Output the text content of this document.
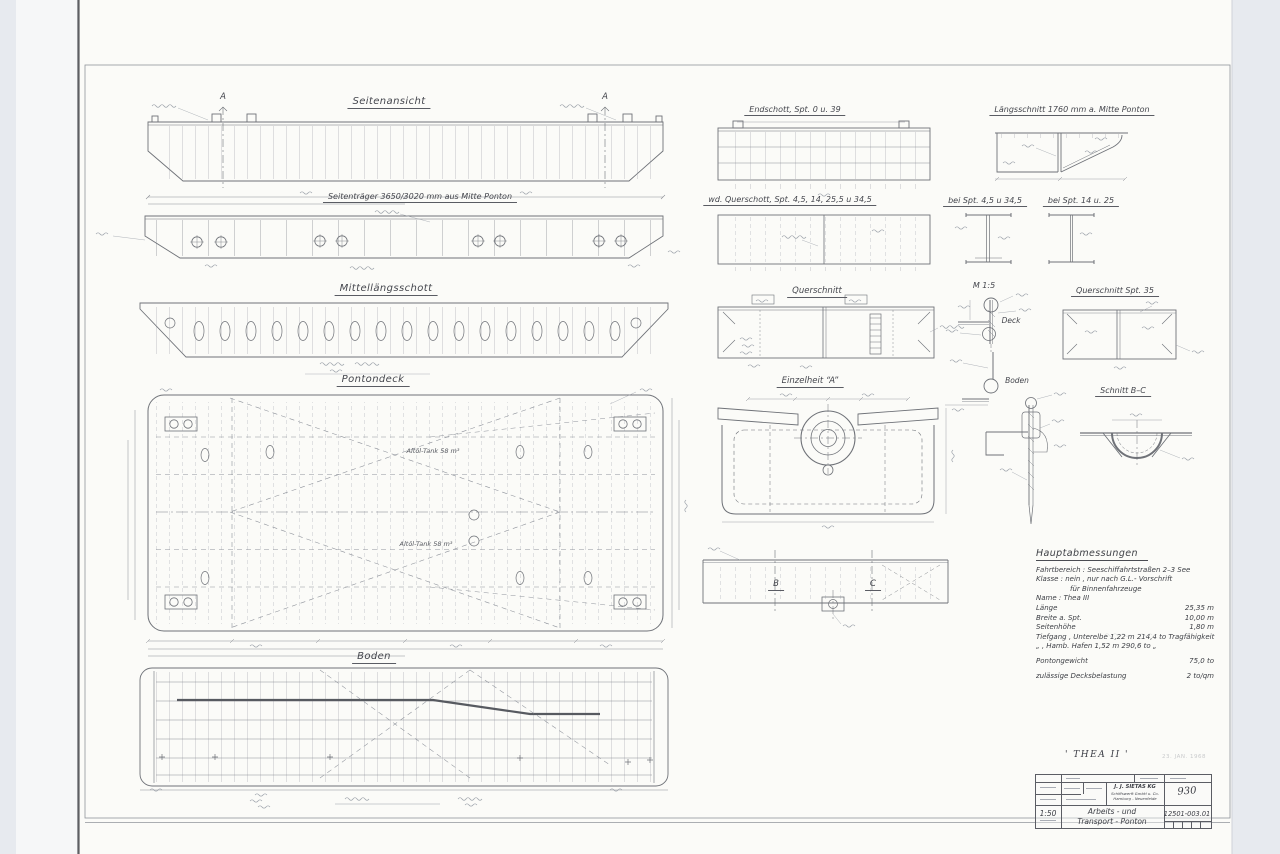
Seitenansicht
Seitenträger 3650/3020 mm aus Mitte Ponton
Mittellängsschott
Pontondeck
Boden
Endschott, Spt. 0 u. 39	Längsschnitt 1760 mm a. Mitte Ponton
wd. Querschott, Spt. 4,5, 14, 25,5 u 34,5	bei Spt. 4,5 u 34,5	bei Spt. 14 u. 25
Querschnitt
M 1:5
Querschnitt Spt. 35
Einzelheit “A”
Schnitt B–C
Deck
Boden
A	A
B	C
Altöl-Tank 58 m³
Altöl-Tank 58 m³
Hauptabmessungen
Fahrtbereich : Seeschiffahrtstraßen 2–3 See
Klasse : nein , nur nach G.L.- Vorschrift
für Binnenfahrzeuge
Name : Thea III
Länge	25,35 m
Breite a. Spt.	10,00 m
Seitenhöhe	1,80 m
Tiefgang , Unterelbe 1,22 m 214,4 to Tragfähigkeit
„ , Hamb. Hafen 1,52 m 290,6 to „
Pontongewicht	75,0 to
zulässige Decksbelastung	2 to/qm
' THEA II '	23. JAN. 1968
J. J. SIETAS KG
Schiffswerft GmbH u. Co.
Hamburg - Neuenfelde
930
1:50	Arbeits - und
Transport - Ponton
12501-003.01
